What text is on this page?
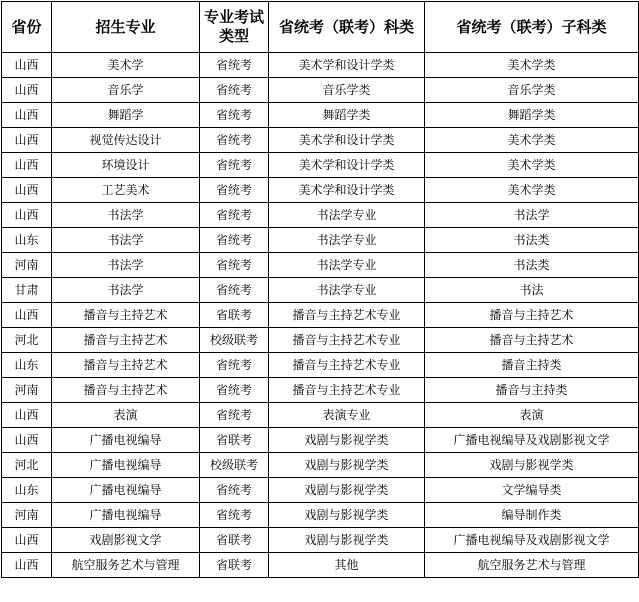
省份	招生专业	专业考试类型	省统考（联考）科类	省统考（联考）子科类
山西	美术学	省统考	美术学和设计学类	美术学类
山西	音乐学	省统考	音乐学类	音乐学类
山西	舞蹈学	省统考	舞蹈学类	舞蹈学类
山西	视觉传达设计	省统考	美术学和设计学类	美术学类
山西	环境设计	省统考	美术学和设计学类	美术学类
山西	工艺美术	省统考	美术学和设计学类	美术学类
山西	书法学	省统考	书法学专业	书法学
山东	书法学	省统考	书法学专业	书法类
河南	书法学	省统考	书法学专业	书法类
甘肃	书法学	省统考	书法学专业	书法
山西	播音与主持艺术	省联考	播音与主持艺术专业	播音与主持艺术
河北	播音与主持艺术	校级联考	播音与主持艺术专业	播音与主持艺术
山东	播音与主持艺术	省统考	播音与主持艺术专业	播音主持类
河南	播音与主持艺术	省统考	播音与主持艺术专业	播音与主持类
山西	表演	省统考	表演专业	表演
山西	广播电视编导	省联考	戏剧与影视学类	广播电视编导及戏剧影视文学
河北	广播电视编导	校级联考	戏剧与影视学类	戏剧与影视学类
山东	广播电视编导	省统考	戏剧与影视学类	文学编导类
河南	广播电视编导	省统考	戏剧与影视学类	编导制作类
山西	戏剧影视文学	省联考	戏剧与影视学类	广播电视编导及戏剧影视文学
山西	航空服务艺术与管理	省联考	其他	航空服务艺术与管理
